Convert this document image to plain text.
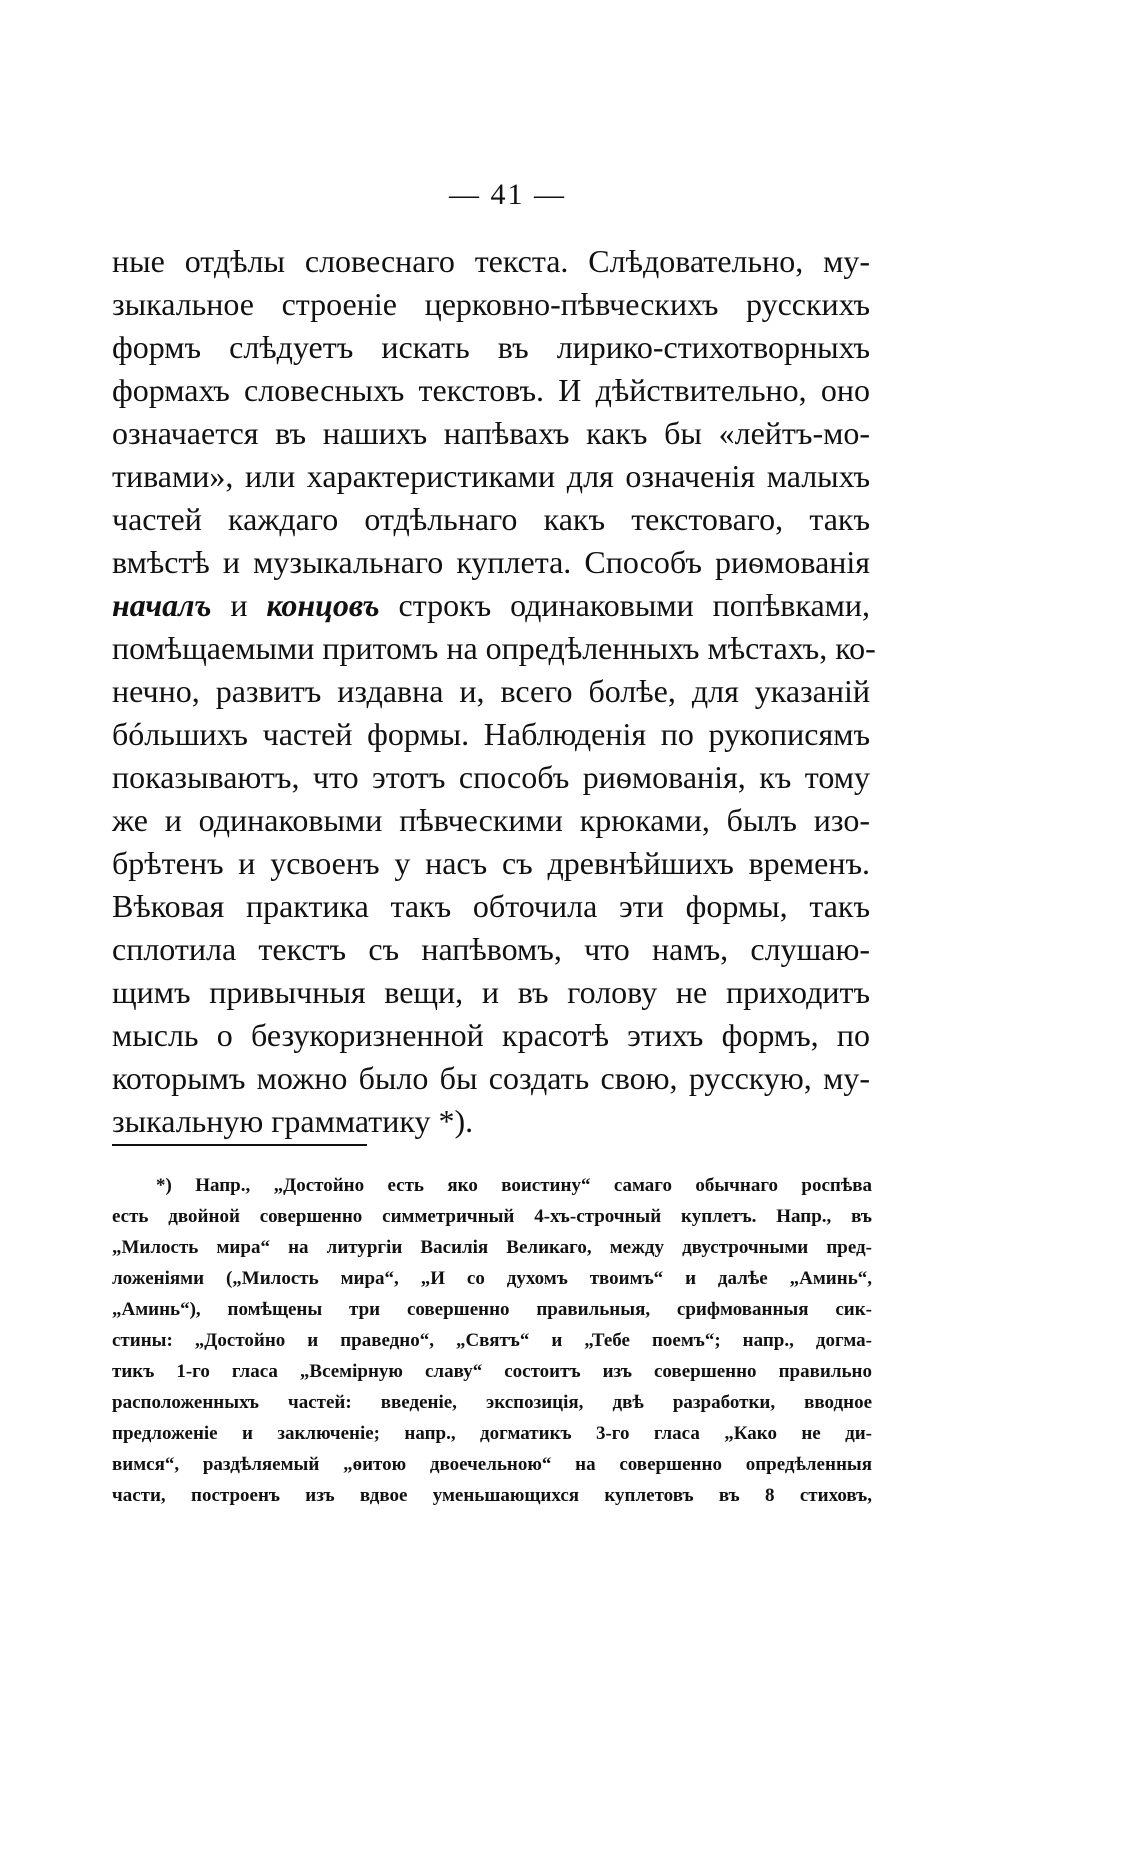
— 41 —
ные отдѣлы словеснаго текста. Слѣдовательно, му-
зыкальное строеніе церковно-пѣвческихъ русскихъ
формъ слѣдуетъ искать въ лирико-стихотворныхъ
формахъ словесныхъ текстовъ. И дѣйствительно, оно
означается въ нашихъ напѣвахъ какъ бы «лейтъ-мо-
тивами», или характеристиками для означенія малыхъ
частей каждаго отдѣльнаго какъ текстоваго, такъ
вмѣстѣ и музыкальнаго куплета. Способъ риѳмованія
началъ и концовъ строкъ одинаковыми попѣвками,
помѣщаемыми притомъ на опредѣленныхъ мѣстахъ, ко-
нечно, развитъ издавна и, всего болѣе, для указаній
бóльшихъ частей формы. Наблюденія по рукописямъ
показываютъ, что этотъ способъ риѳмованія, къ тому
же и одинаковыми пѣвческими крюками, былъ изо-
брѣтенъ и усвоенъ у насъ съ древнѣйшихъ временъ.
Вѣковая практика такъ обточила эти формы, такъ
сплотила текстъ съ напѣвомъ, что намъ, слушаю-
щимъ привычныя вещи, и въ голову не приходитъ
мысль о безукоризненной красотѣ этихъ формъ, по
которымъ можно было бы создать свою, русскую, му-
зыкальную грамматику *).
*) Напр., „Достойно есть яко воистину“ самаго обычнаго роспѣва
есть двойной совершенно симметричный 4-хъ-строчный куплетъ. Напр., въ
„Милость мира“ на литургіи Василія Великаго, между двустрочными пред-
ложеніями („Милость мира“, „И со духомъ твоимъ“ и далѣе „Аминь“,
„Аминь“), помѣщены три совершенно правильныя, срифмованныя сик-
стины: „Достойно и праведно“, „Святъ“ и „Тебе поемъ“; напр., догма-
тикъ 1-го гласа „Всемірную славу“ состоитъ изъ совершенно правильно
расположенныхъ частей: введеніе, экспозиція, двѣ разработки, вводное
предложеніе и заключеніе; напр., догматикъ 3-го гласа „Како не ди-
вимся“, раздѣляемый „ѳитою двоечельною“ на совершенно опредѣленныя
части, построенъ изъ вдвое уменьшающихся куплетовъ въ 8 стиховъ,
